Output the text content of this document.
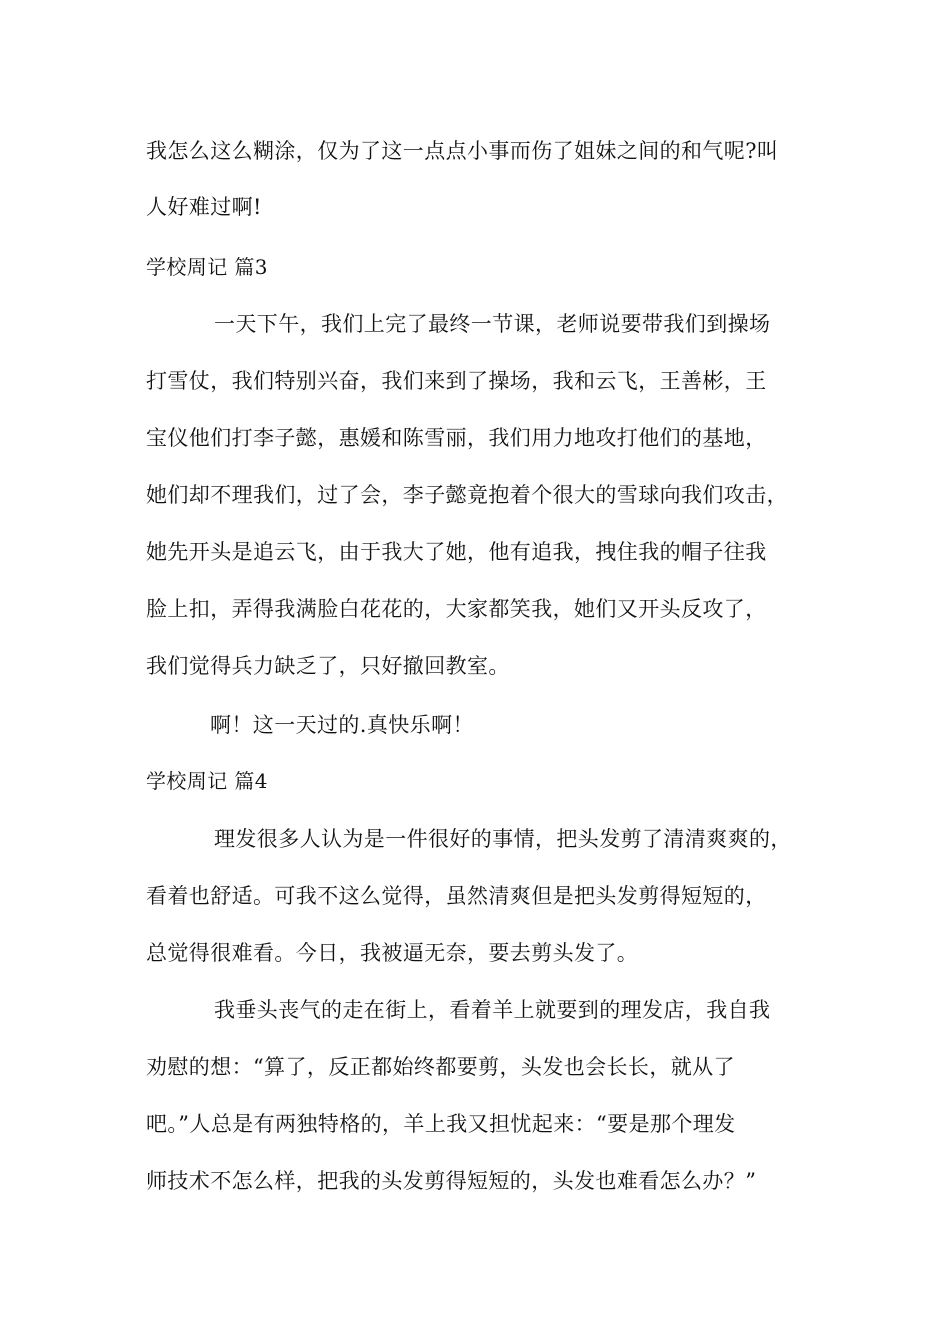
我怎么这么糊涂，仅为了这一点点小事而伤了姐妹之间的和气呢?叫
人好难过啊!
学校周记 篇3
一天下午，我们上完了最终一节课，老师说要带我们到操场
打雪仗，我们特别兴奋，我们来到了操场，我和云飞，王善彬，王
宝仪他们打李子懿，惠媛和陈雪丽，我们用力地攻打他们的基地，
她们却不理我们，过了会，李子懿竟抱着个很大的雪球向我们攻击，
她先开头是追云飞，由于我大了她，他有追我，拽住我的帽子往我
脸上扣，弄得我满脸白花花的，大家都笑我，她们又开头反攻了，
我们觉得兵力缺乏了，只好撤回教室。
啊！这一天过的.真快乐啊！
学校周记 篇4
理发很多人认为是一件很好的事情，把头发剪了清清爽爽的，
看着也舒适。可我不这么觉得，虽然清爽但是把头发剪得短短的，
总觉得很难看。今日，我被逼无奈，要去剪头发了。
我垂头丧气的走在街上，看着羊上就要到的理发店，我自我
劝慰的想：“算了，反正都始终都要剪，头发也会长长，就从了
吧。”人总是有两独特格的，羊上我又担忧起来：“要是那个理发
师技术不怎么样，把我的头发剪得短短的，头发也难看怎么办？”
